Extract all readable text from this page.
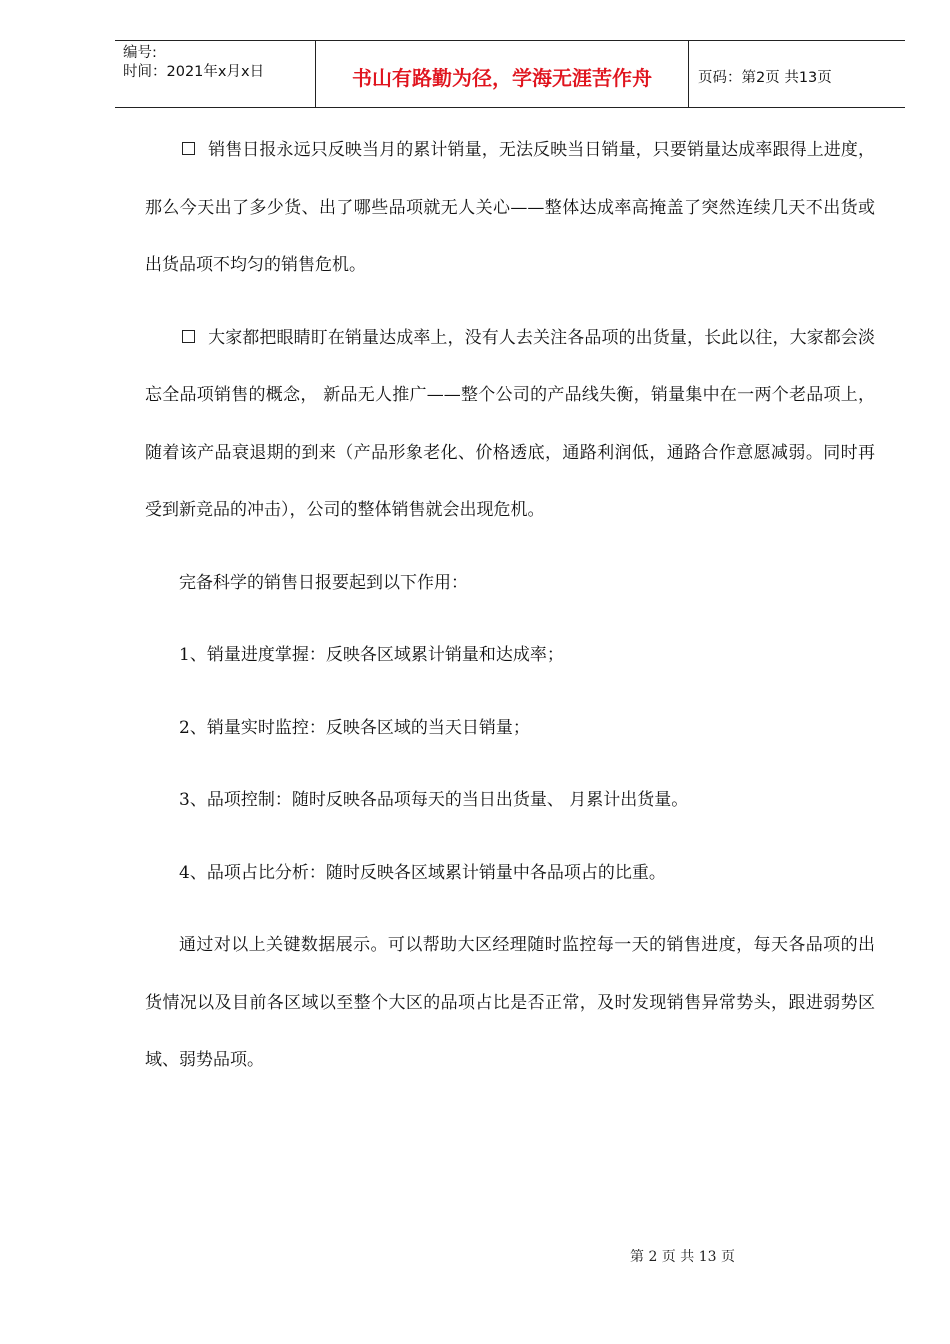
编号:
时间：2021年x月x日	书山有路勤为径，学海无涯苦作舟	页码：第2页 共13页

销售日报永远只反映当月的累计销量，无法反映当日销量，只要销量达成率跟得上进度，那么今天出了多少货、出了哪些品项就无人关心——整体达成率高掩盖了突然连续几天不出货或出货品项不均匀的销售危机。

大家都把眼睛盯在销量达成率上，没有人去关注各品项的出货量，长此以往，大家都会淡忘全品项销售的概念， 新品无人推广——整个公司的产品线失衡，销量集中在一两个老品项上，随着该产品衰退期的到来（产品形象老化、价格透底，通路利润低，通路合作意愿减弱。同时再受到新竞品的冲击），公司的整体销售就会出现危机。

完备科学的销售日报要起到以下作用：

1、销量进度掌握：反映各区域累计销量和达成率；

2、销量实时监控：反映各区域的当天日销量；

3、品项控制：随时反映各品项每天的当日出货量、 月累计出货量。

4、品项占比分析：随时反映各区域累计销量中各品项占的比重。

通过对以上关键数据展示。可以帮助大区经理随时监控每一天的销售进度，每天各品项的出货情况以及目前各区域以至整个大区的品项占比是否正常，及时发现销售异常势头，跟进弱势区域、弱势品项。

第 2 页 共 13 页
